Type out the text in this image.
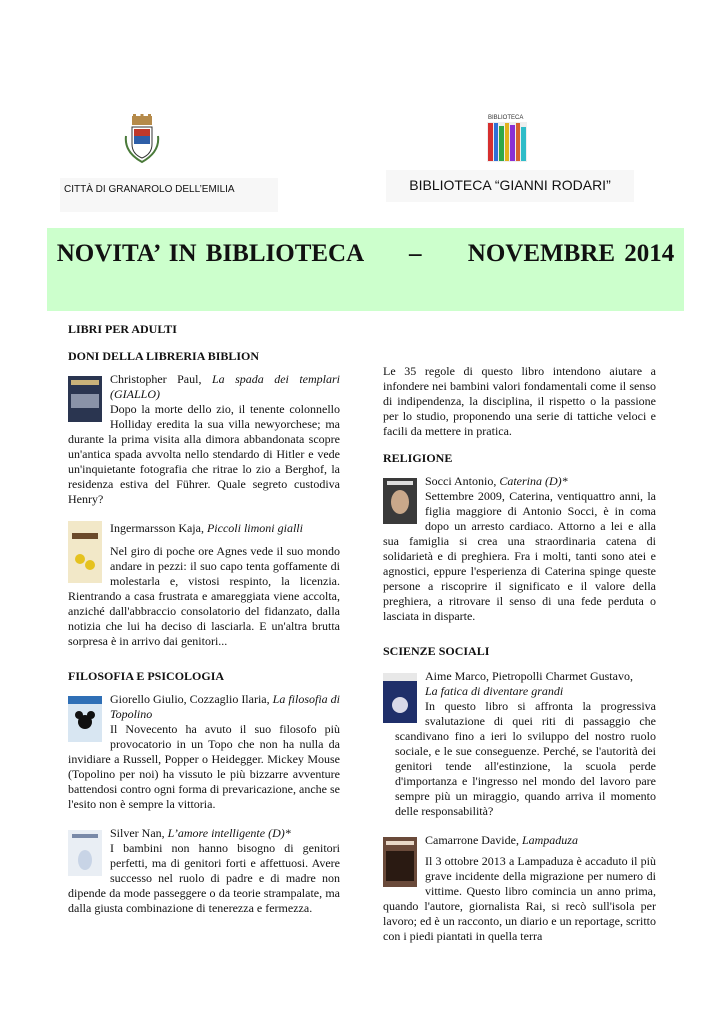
BIBLIOTECA
CITTÀ DI GRANAROLO DELL’EMILIA	BIBLIOTECA “GIANNI RODARI”
NOVITA’ IN BIBLIOTECA     –     NOVEMBRE 2014
LIBRI PER ADULTI
DONI DELLA LIBRERIA BIBLION
Christopher Paul, La spada dei templari (GIALLO)
Dopo la morte dello zio, il tenente colonnello Holliday eredita la sua villa newyorchese; ma durante la prima visita alla dimora abbandonata scopre un'antica spada avvolta nello stendardo di Hitler e vede un'inquietante fotografia che ritrae lo zio a Berghof, la residenza estiva del Führer. Quale segreto custodiva Henry?
Ingermarsson Kaja, Piccoli limoni gialli
Nel giro di poche ore Agnes vede il suo mondo andare in pezzi: il suo capo tenta goffamente di molestarla e, vistosi respinto, la licenzia. Rientrando a casa frustrata e amareggiata viene accolta, anziché dall'abbraccio consolatorio del fidanzato, dalla notizia che lui ha deciso di lasciarla. E un'altra brutta sorpresa è in arrivo dai genitori...
FILOSOFIA E PSICOLOGIA
Giorello Giulio, Cozzaglio Ilaria, La filosofia di Topolino
Il Novecento ha avuto il suo filosofo più provocatorio in un Topo che non ha nulla da invidiare a Russell, Popper o Heidegger. Mickey Mouse (Topolino per noi) ha vissuto le più bizzarre avventure battendosi contro ogni forma di prevaricazione, anche se l'esito non è sempre la vittoria.
Silver Nan, L’amore intelligente (D)*
I bambini non hanno bisogno di genitori perfetti, ma di genitori forti e affettuosi. Avere successo nel ruolo di padre e di madre non dipende da mode passeggere o da teorie strampalate, ma dalla giusta combinazione di tenerezza e fermezza.
Le 35 regole di questo libro intendono aiutare a infondere nei bambini valori fondamentali come il senso di indipendenza, la disciplina, il rispetto o la passione per lo studio, proponendo una serie di tattiche veloci e facili da mettere in pratica.
RELIGIONE
Socci Antonio, Caterina (D)*
Settembre 2009, Caterina, ventiquattro anni, la figlia maggiore di Antonio Socci, è in coma dopo un arresto cardiaco. Attorno a lei e alla sua famiglia si crea una straordinaria catena di solidarietà e di preghiera. Fra i molti, tanti sono atei e agnostici, eppure l'esperienza di Caterina spinge queste persone a riscoprire il significato e il valore della preghiera, a ritrovare il senso di una fede perduta o lasciata in disparte.
SCIENZE SOCIALI
Aime Marco, Pietropolli Charmet Gustavo,
La fatica di diventare grandi
In questo libro si affronta la progressiva svalutazione di quei riti di passaggio che scandivano fino a ieri lo sviluppo del nostro ruolo sociale, e le sue conseguenze. Perché, se l'autorità dei genitori tende all'estinzione, la scuola perde d'importanza e l'ingresso nel mondo del lavoro pare sempre più un miraggio, quando arriva il momento delle responsabilità?
Camarrone Davide, Lampaduza
Il 3 ottobre 2013 a Lampaduza è accaduto il più grave incidente della migrazione per numero di vittime. Questo libro comincia un anno prima, quando l'autore, giornalista Rai, si recò sull'isola per lavoro; ed è un racconto, un diario e un reportage, scritto con i piedi piantati in quella terra
